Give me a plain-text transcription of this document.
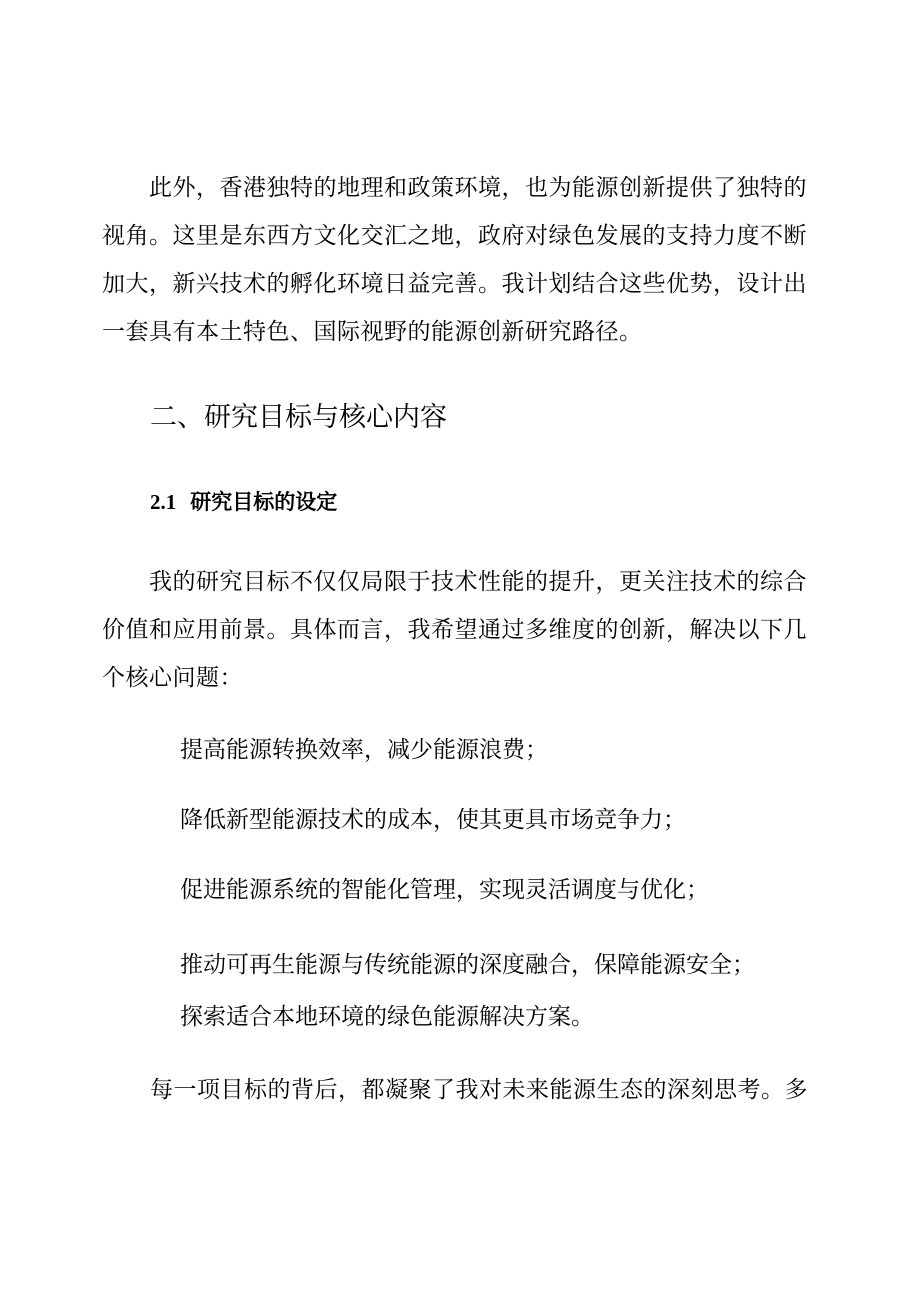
　　此外，香港独特的地理和政策环境，也为能源创新提供了独特的
视角。这里是东西方文化交汇之地，政府对绿色发展的支持力度不断
加大，新兴技术的孵化环境日益完善。我计划结合这些优势，设计出
一套具有本土特色、国际视野的能源创新研究路径。
二、研究目标与核心内容
2.1 研究目标的设定
　　我的研究目标不仅仅局限于技术性能的提升，更关注技术的综合
价值和应用前景。具体而言，我希望通过多维度的创新，解决以下几
个核心问题：

提高能源转换效率，减少能源浪费；

降低新型能源技术的成本，使其更具市场竞争力；

促进能源系统的智能化管理，实现灵活调度与优化；

推动可再生能源与传统能源的深度融合，保障能源安全；

探索适合本地环境的绿色能源解决方案。

每一项目标的背后，都凝聚了我对未来能源生态的深刻思考。多
